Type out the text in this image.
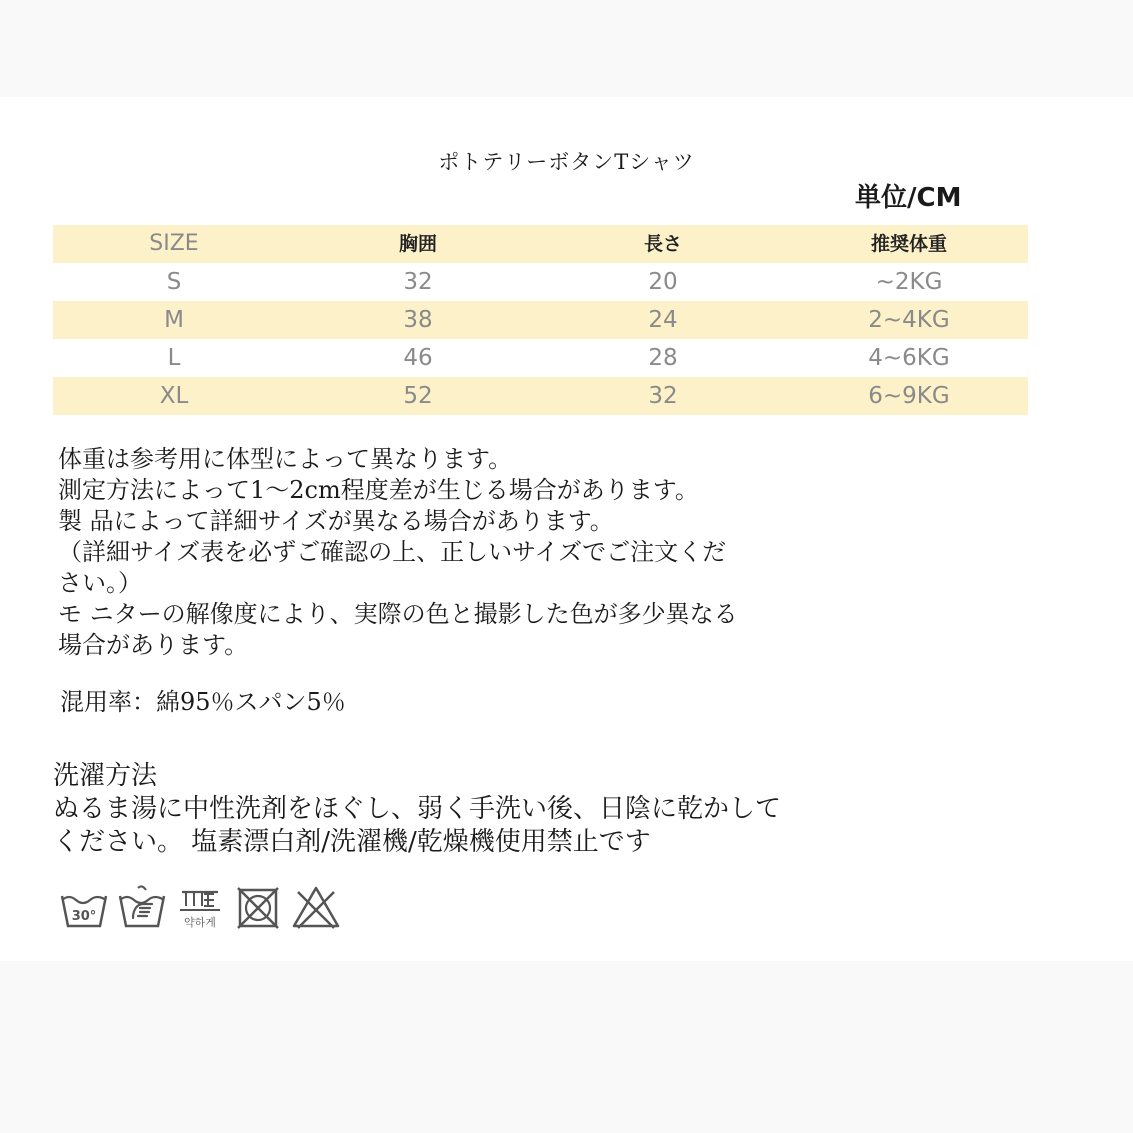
ポトテリーボタンTシャツ
単位/CM
SIZE	胸囲	長さ	推奨体重
S	32	20	~2KG
M	38	24	2~4KG
L	46	28	4~6KG
XL	52	32	6~9KG

体重は参考用に体型によって異なります。

測定方法によって1～2cm程度差が生じる場合があります。

製 品によって詳細サイズが異なる場合があります。

（詳細サイズ表を必ずご確認の上、正しいサイズでご注文くだ

さい。）

モ ニターの解像度により、実際の色と撮影した色が多少異なる

場合があります。

混用率：綿95％スパン5％

洗濯方法

ぬるま湯に中性洗剤をほぐし、弱く手洗い後、日陰に乾かして

ください。 塩素漂白剤/洗濯機/乾燥機使用禁止です

30°	약하게
